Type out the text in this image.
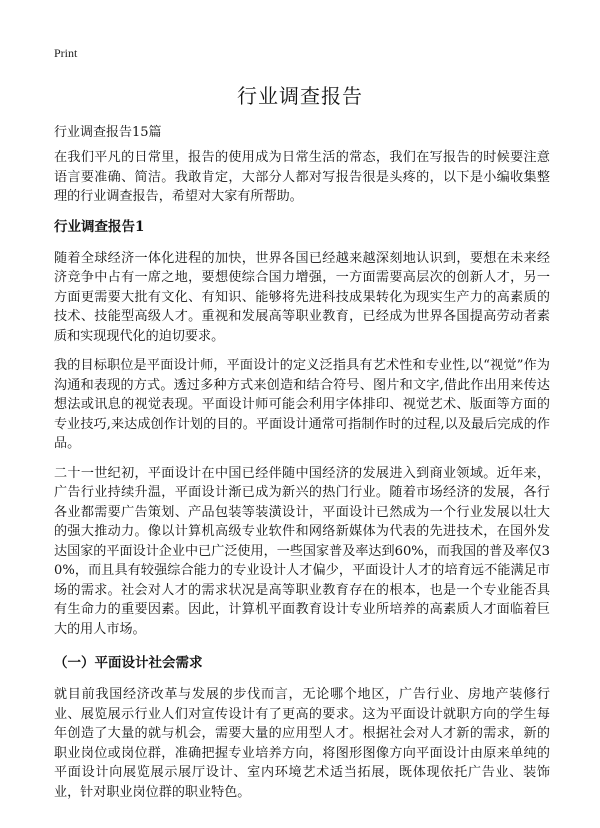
Print
行业调查报告
行业调查报告15篇

在我们平凡的日常里，报告的使用成为日常生活的常态，我们在写报告的时候要注意语言要准确、简洁。我敢肯定，大部分人都对写报告很是头疼的，以下是小编收集整理的行业调查报告，希望对大家有所帮助。

行业调查报告1

随着全球经济一体化进程的加快，世界各国已经越来越深刻地认识到，要想在未来经济竞争中占有一席之地，要想使综合国力增强，一方面需要高层次的创新人才，另一方面更需要大批有文化、有知识、能够将先进科技成果转化为现实生产力的高素质的技术、技能型高级人才。重视和发展高等职业教育，已经成为世界各国提高劳动者素质和实现现代化的迫切要求。

我的目标职位是平面设计师，平面设计的定义泛指具有艺术性和专业性,以“视觉”作为沟通和表现的方式。透过多种方式来创造和结合符号、图片和文字,借此作出用来传达想法或讯息的视觉表现。平面设计师可能会利用字体排印、视觉艺术、版面等方面的专业技巧,来达成创作计划的目的。平面设计通常可指制作时的过程,以及最后完成的作品。

二十一世纪初，平面设计在中国已经伴随中国经济的发展进入到商业领域。近年来，广告行业持续升温，平面设计渐已成为新兴的热门行业。随着市场经济的发展，各行各业都需要广告策划、产品包装等装潢设计，平面设计已然成为一个行业发展以壮大的强大推动力。像以计算机高级专业软件和网络新媒体为代表的先进技术，在国外发达国家的平面设计企业中已广泛使用，一些国家普及率达到60%，而我国的普及率仅30%，而且具有较强综合能力的专业设计人才偏少，平面设计人才的培育远不能满足市场的需求。社会对人才的需求状况是高等职业教育存在的根本，也是一个专业能否具有生命力的重要因素。因此，计算机平面教育设计专业所培养的高素质人才面临着巨大的用人市场。

（一）平面设计社会需求

就目前我国经济改革与发展的步伐而言，无论哪个地区，广告行业、房地产装修行业、展览展示行业人们对宣传设计有了更高的要求。这为平面设计就职方向的学生每年创造了大量的就与机会，需要大量的应用型人才。根据社会对人才新的需求，新的职业岗位或岗位群，准确把握专业培养方向，将图形图像方向平面设计由原来单纯的平面设计向展览展示展厅设计、室内环境艺术适当拓展，既体现依托广告业、装饰业，针对职业岗位群的职业特色。
